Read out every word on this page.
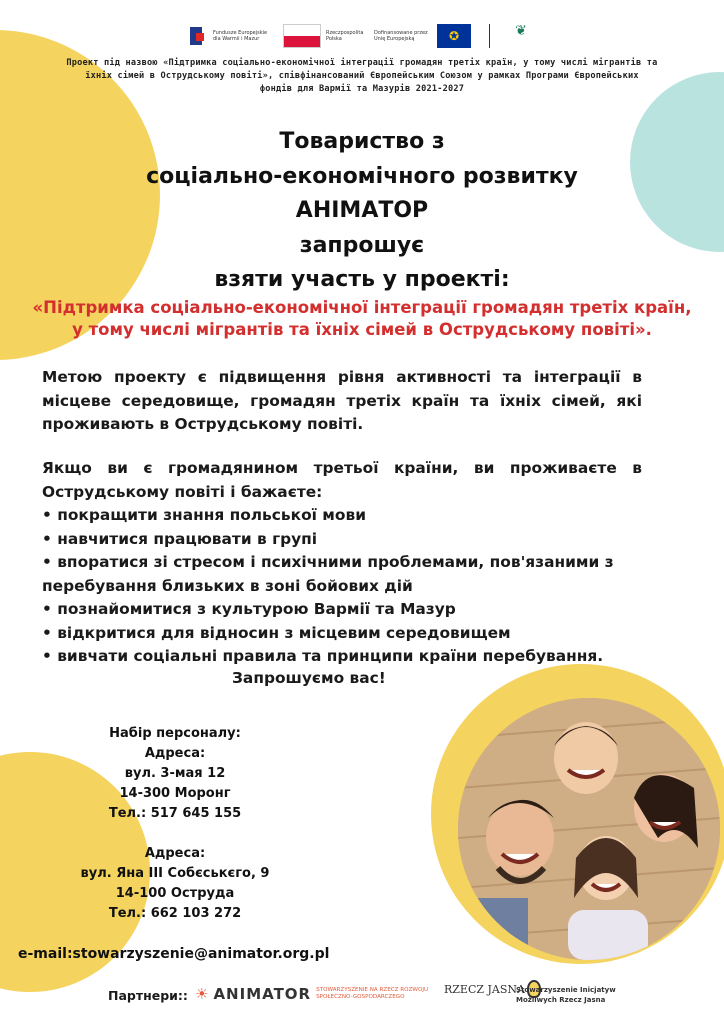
Fundusze Europejskie dla Warmii i Mazur
Rzeczpospolita Polska
Dofinansowane przez Unię Europejską	✪	❦
Проект під назвою «Підтримка соціально-економічної інтеграції громадян третіх країн, у тому числі мігрантів та
їхніх сімей в Острудському повіті», співфінансований Європейським Союзом у рамках Програми Європейських
фондів для Вармії та Мазурів 2021-2027
Товариство з
соціально-економічного розвитку
АНІМАТОР
запрошує
взяти участь у проекті:
«Підтримка соціально-економічної інтеграції громадян третіх країн,
у тому числі мігрантів та їхніх сімей в Острудському повіті».
Метою проекту є підвищення рівня активності та інтеграції в
місцеве середовище, громадян третіх країн та їхніх сімей, які
проживають в Острудському повіті.
Якщо ви є громадянином третьої країни, ви проживаєте в
Острудському повіті і бажаєте:
• покращити знання польської мови
• навчитися працювати в групі
• впоратися зі стресом і психічними проблемами, пов'язаними з
перебування близьких в зоні бойових дій
• познайомитися з культурою Вармії та Мазур
• відкритися для відносин з місцевим середовищем
• вивчати соціальні правила та принципи країни перебування.
Запрошуємо вас!
Набір персоналу:
Адреса:
вул. 3-мая 12
14-300 Моронг
Тел.: 517 645 155
Адреса:
вул. Яна III Собєськєго, 9
14-100 Оструда
Тел.: 662 103 272
e-mail:stowarzyszenie@animator.org.pl
Партнери:: ☀ ANIMATOR STOWARZYSZENIE NA RZECZ ROZWOJU SPOŁECZNO-GOSPODARCZEGO
RZECZ JASNA
Stowarzyszenie Inicjatyw
Możliwych Rzecz Jasna
